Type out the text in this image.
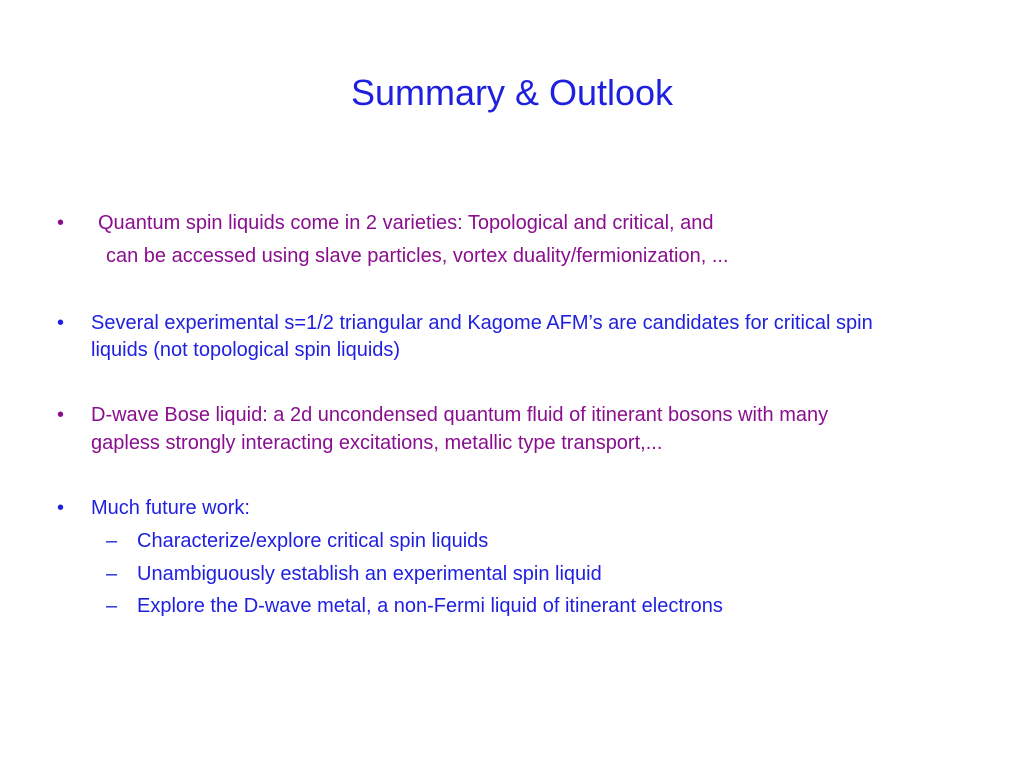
Summary & Outlook
• Quantum spin liquids come in 2 varieties: Topological and critical, and
can be accessed using slave particles, vortex duality/fermionization, ...
• Several experimental s=1/2 triangular and Kagome AFM’s are candidates for critical spin
liquids (not topological spin liquids)
• D-wave Bose liquid: a 2d uncondensed quantum fluid of itinerant bosons with many
gapless strongly interacting excitations, metallic type transport,...
• Much future work:
– Characterize/explore critical spin liquids
– Unambiguously establish an experimental spin liquid
– Explore the D-wave metal, a non-Fermi liquid of itinerant electrons
